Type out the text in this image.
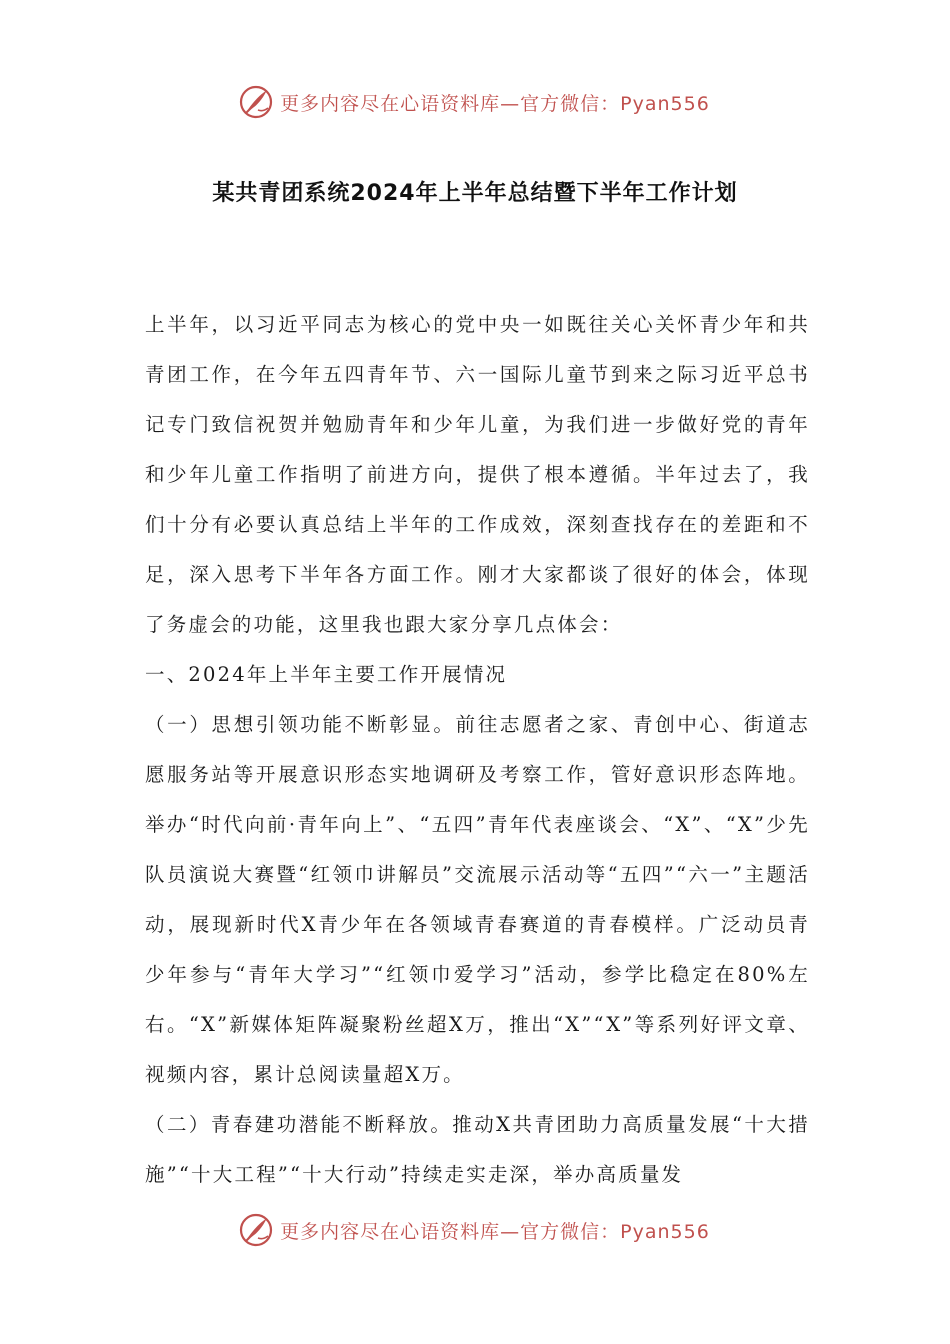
更多内容尽在心语资料库—官方微信：Pyan556
某共青团系统2024年上半年总结暨下半年工作计划

上半年，以习近平同志为核心的党中央一如既往关心关怀青少年和共青团工作，在今年五四青年节、六一国际儿童节到来之际习近平总书记专门致信祝贺并勉励青年和少年儿童，为我们进一步做好党的青年和少年儿童工作指明了前进方向，提供了根本遵循。半年过去了，我们十分有必要认真总结上半年的工作成效，深刻查找存在的差距和不足，深入思考下半年各方面工作。刚才大家都谈了很好的体会，体现了务虚会的功能，这里我也跟大家分享几点体会：

一、2024年上半年主要工作开展情况

（一）思想引领功能不断彰显。前往志愿者之家、青创中心、街道志愿服务站等开展意识形态实地调研及考察工作，管好意识形态阵地。举办“时代向前·青年向上”、“五四”青年代表座谈会、“X”、“X”少先队员演说大赛暨“红领巾讲解员”交流展示活动等“五四”“六一”主题活动，展现新时代X青少年在各领域青春赛道的青春模样。广泛动员青少年参与“青年大学习”“红领巾爱学习”活动，参学比稳定在80%左右。“X”新媒体矩阵凝聚粉丝超X万，推出“X”“X”等系列好评文章、视频内容，累计总阅读量超X万。

（二）青春建功潜能不断释放。推动X共青团助力高质量发展“十大措施”“十大工程”“十大行动”持续走实走深，举办高质量发

更多内容尽在心语资料库—官方微信：Pyan556
